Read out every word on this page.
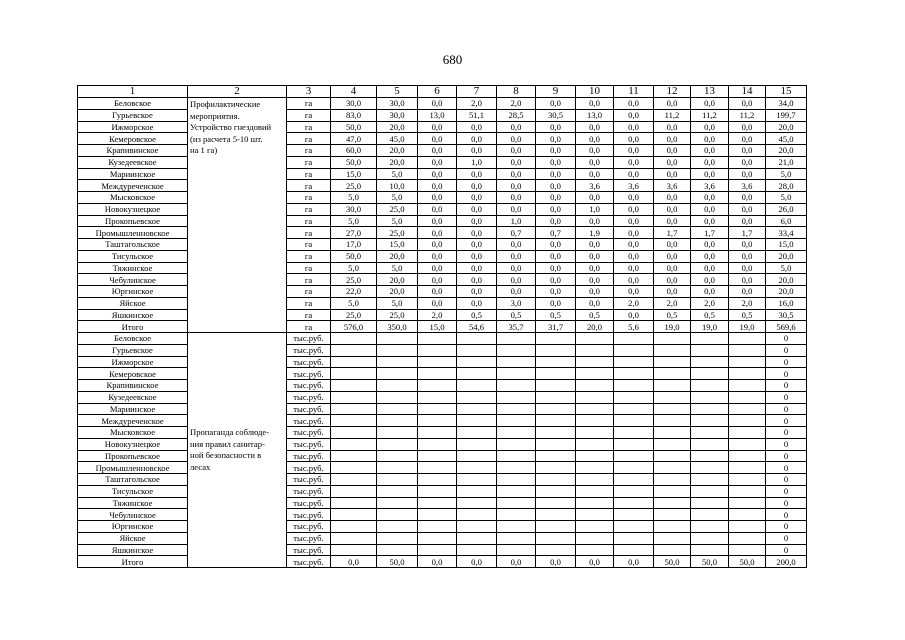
680
1	2	3	4	5	6	7	8	9	10	11	12	13	14	15
Беловское	Профилактические
мероприятия.
Устройство гнездовий
(из расчета 5-10 шт.
на 1 га)	га	30,0	30,0	0,0	2,0	2,0	0,0	0,0	0,0	0,0	0,0	0,0	34,0
Гурьевское		га	83,0	30,0	13,0	51,1	28,5	30,5	13,0	0,0	11,2	11,2	11,2	199,7
Ижморское		га	50,0	20,0	0,0	0,0	0,0	0,0	0,0	0,0	0,0	0,0	0,0	20,0
Кемеровское		га	47,0	45,0	0,0	0,0	0,0	0,0	0,0	0,0	0,0	0,0	0,0	45,0
Крапивинское		га	60,0	20,0	0,0	0,0	0,0	0,0	0,0	0,0	0,0	0,0	0,0	20,0
Кузедеевское		га	50,0	20,0	0,0	1,0	0,0	0,0	0,0	0,0	0,0	0,0	0,0	21,0
Мариинское		га	15,0	5,0	0,0	0,0	0,0	0,0	0,0	0,0	0,0	0,0	0,0	5,0
Междуреченское		га	25,0	10,0	0,0	0,0	0,0	0,0	3,6	3,6	3,6	3,6	3,6	28,0
Мысковское		га	5,0	5,0	0,0	0,0	0,0	0,0	0,0	0,0	0,0	0,0	0,0	5,0
Новокузнецкое		га	30,0	25,0	0,0	0,0	0,0	0,0	1,0	0,0	0,0	0,0	0,0	26,0
Прокопьевское		га	5,0	5,0	0,0	0,0	1,0	0,0	0,0	0,0	0,0	0,0	0,0	6,0
Промышленновское		га	27,0	25,0	0,0	0,0	0,7	0,7	1,9	0,0	1,7	1,7	1,7	33,4
Таштагольское		га	17,0	15,0	0,0	0,0	0,0	0,0	0,0	0,0	0,0	0,0	0,0	15,0
Тисульское		га	50,0	20,0	0,0	0,0	0,0	0,0	0,0	0,0	0,0	0,0	0,0	20,0
Тяжинское		га	5,0	5,0	0,0	0,0	0,0	0,0	0,0	0,0	0,0	0,0	0,0	5,0
Чебулинское		га	25,0	20,0	0,0	0,0	0,0	0,0	0,0	0,0	0,0	0,0	0,0	20,0
Юргинское		га	22,0	20,0	0,0	0,0	0,0	0,0	0,0	0,0	0,0	0,0	0,0	20,0
Яйское		га	5,0	5,0	0,0	0,0	3,0	0,0	0,0	2,0	2,0	2,0	2,0	16,0
Яшкинское		га	25,0	25,0	2,0	0,5	0,5	0,5	0,5	0,0	0,5	0,5	0,5	30,5
Итого		га	576,0	350,0	15,0	54,6	35,7	31,7	20,0	5,6	19,0	19,0	19,0	569,6
Беловское	Пропаганда соблюде-
ния правил санитар-
ной безопасности в
лесах	тыс.руб.												0
Гурьевское		тыс.руб.												0
Ижморское		тыс.руб.												0
Кемеровское		тыс.руб.												0
Крапивинское		тыс.руб.												0
Кузедеевское		тыс.руб.												0
Мариинское		тыс.руб.												0
Междуреченское		тыс.руб.												0
Мысковское		тыс.руб.												0
Новокузнецкое		тыс.руб.												0
Прокопьевское		тыс.руб.												0
Промышленновское		тыс.руб.												0
Таштагольское		тыс.руб.												0
Тисульское		тыс.руб.												0
Тяжинское		тыс.руб.												0
Чебулинское		тыс.руб.												0
Юргинское		тыс.руб.												0
Яйское		тыс.руб.												0
Яшкинское		тыс.руб.												0
Итого		тыс.руб.	0,0	50,0	0,0	0,0	0,0	0,0	0,0	0,0	50,0	50,0	50,0	200,0
